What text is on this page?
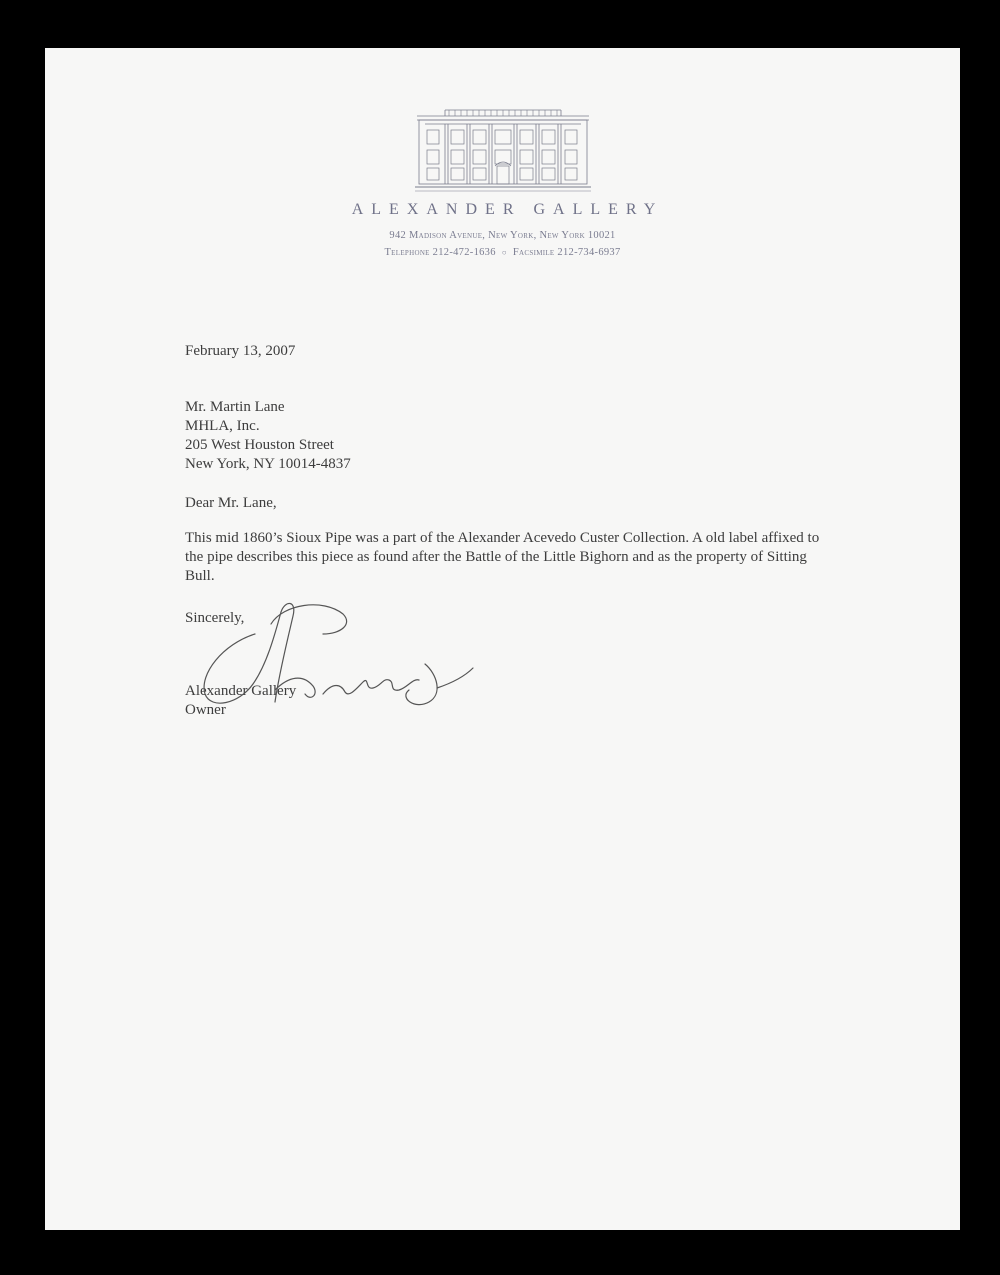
ALEXANDER GALLERY
942 Madison Avenue, New York, New York 10021
Telephone 212-472-1636 ○ Facsimile 212-734-6937
February 13, 2007
Mr. Martin Lane
MHLA, Inc.
205 West Houston Street
New York, NY 10014-4837
Dear Mr. Lane,
This mid 1860’s Sioux Pipe was a part of the Alexander Acevedo Custer Collection. A old label affixed to the pipe describes this piece as found after the Battle of the Little Bighorn and as the property of Sitting Bull.
Sincerely,
Alexander Gallery
Owner
